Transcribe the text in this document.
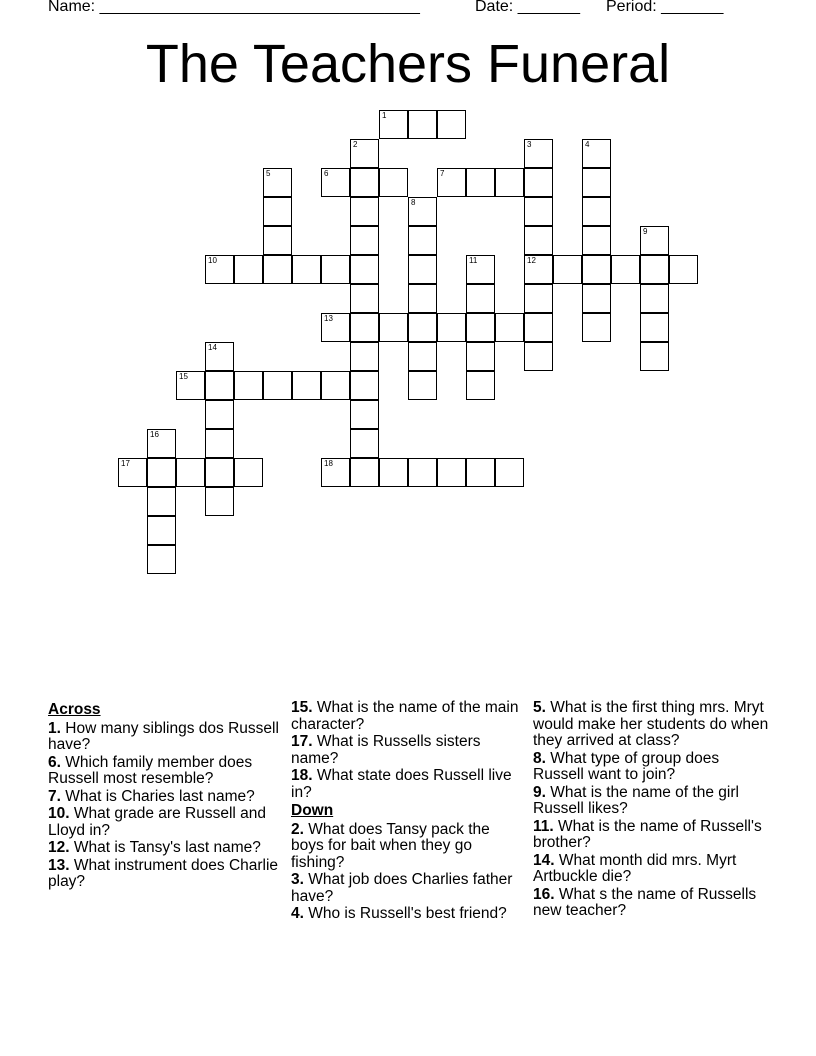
Name: ____________________________________	Date: _______ Period: _______
The Teachers Funeral
1
2	3
12
4
5	6	7
8
9
10	11
13
14
15
16
17	18
Across
1. How many siblings dos Russell have?
6. Which family member does Russell most resemble?
7. What is Charies last name?
10. What grade are Russell and Lloyd in?
12. What is Tansy's last name?
13. What instrument does Charlie play?
15. What is the name of the main character?
17. What is Russells sisters name?
18. What state does Russell live in?
Down
2. What does Tansy pack the boys for bait when they go fishing?
3. What job does Charlies father have?
4. Who is Russell's best friend?
5. What is the first thing mrs. Mryt would make her students do when they arrived at class?
8. What type of group does Russell want to join?
9. What is the name of the girl Russell likes?
11. What is the name of Russell's brother?
14. What month did mrs. Myrt Artbuckle die?
16. What s the name of Russells new teacher?
